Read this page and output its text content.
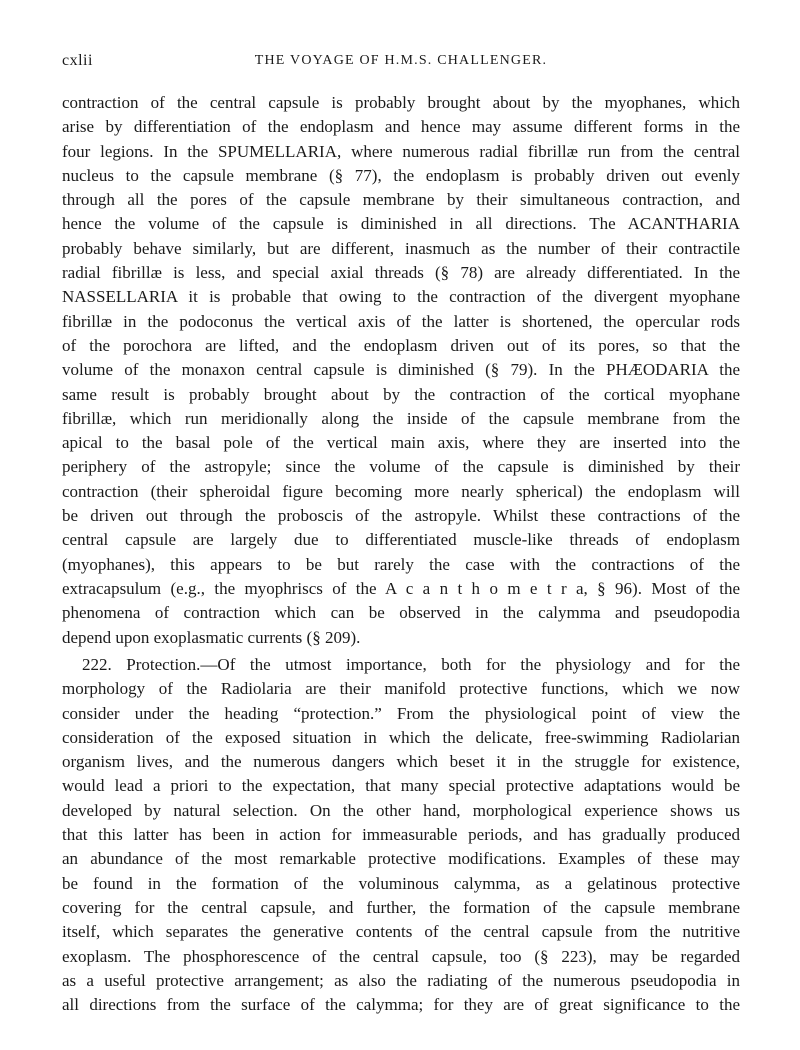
cxlii	THE VOYAGE OF H.M.S. CHALLENGER.
contraction of the central capsule is probably brought about by the myophanes, which
arise by differentiation of the endoplasm and hence may assume different forms in the
four legions. In the SPUMELLARIA, where numerous radial fibrillæ run from the central
nucleus to the capsule membrane (§ 77), the endoplasm is probably driven out evenly
through all the pores of the capsule membrane by their simultaneous contraction, and
hence the volume of the capsule is diminished in all directions. The ACANTHARIA
probably behave similarly, but are different, inasmuch as the number of their contractile
radial fibrillæ is less, and special axial threads (§ 78) are already differentiated. In the
NASSELLARIA it is probable that owing to the contraction of the divergent myophane
fibrillæ in the podoconus the vertical axis of the latter is shortened, the opercular rods
of the porochora are lifted, and the endoplasm driven out of its pores, so that the
volume of the monaxon central capsule is diminished (§ 79). In the PHÆODARIA the
same result is probably brought about by the contraction of the cortical myophane
fibrillæ, which run meridionally along the inside of the capsule membrane from the
apical to the basal pole of the vertical main axis, where they are inserted into the
periphery of the astropyle; since the volume of the capsule is diminished by their
contraction (their spheroidal figure becoming more nearly spherical) the endoplasm will
be driven out through the proboscis of the astropyle. Whilst these contractions of the
central capsule are largely due to differentiated muscle-like threads of endoplasm
(myophanes), this appears to be but rarely the case with the contractions of the
extracapsulum (e.g., the myophriscs of the A c a n t h o m e t r a, § 96). Most of the
phenomena of contraction which can be observed in the calymma and pseudopodia
depend upon exoplasmatic currents (§ 209).
222. Protection.—Of the utmost importance, both for the physiology and for the
morphology of the Radiolaria are their manifold protective functions, which we now
consider under the heading “protection.” From the physiological point of view the
consideration of the exposed situation in which the delicate, free-swimming Radiolarian
organism lives, and the numerous dangers which beset it in the struggle for existence,
would lead a priori to the expectation, that many special protective adaptations would be
developed by natural selection. On the other hand, morphological experience shows us
that this latter has been in action for immeasurable periods, and has gradually produced
an abundance of the most remarkable protective modifications. Examples of these may
be found in the formation of the voluminous calymma, as a gelatinous protective
covering for the central capsule, and further, the formation of the capsule membrane
itself, which separates the generative contents of the central capsule from the nutritive
exoplasm. The phosphorescence of the central capsule, too (§ 223), may be regarded
as a useful protective arrangement; as also the radiating of the numerous pseudopodia in
all directions from the surface of the calymma; for they are of great significance to the
